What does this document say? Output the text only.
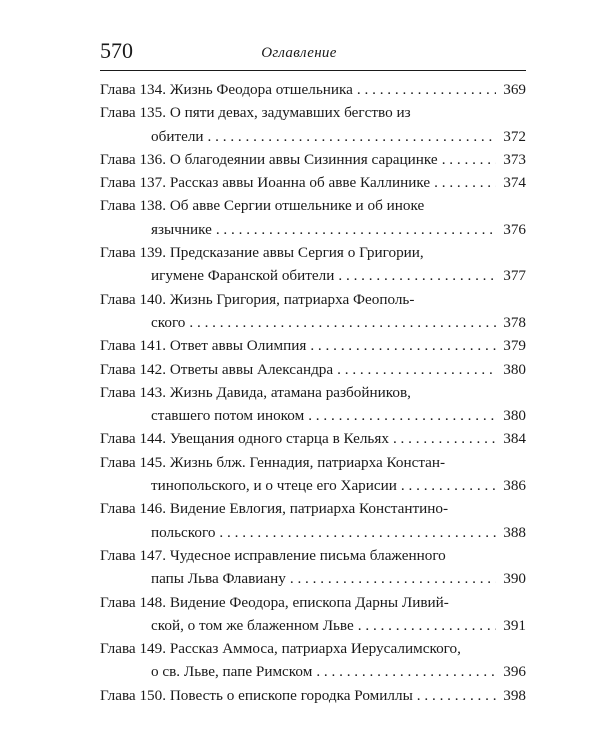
570	Оглавление
Глава 134. Жизнь Феодора отшельника . . .	369
Глава 135. О пяти девах, задумавших бегство из
обители . . .	372
Глава 136. О благодеянии аввы Сизинния сарацинке . . .	373
Глава 137. Рассказ аввы Иоанна об авве Каллинике . . .	374
Глава 138. Об авве Сергии отшельнике и об иноке
язычнике . . .	376
Глава 139. Предсказание аввы Сергия о Григории,
игумене Фаранской обители . . .	377
Глава 140. Жизнь Григория, патриарха Феополь-
ского . . .	378
Глава 141. Ответ аввы Олимпия . . .	379
Глава 142. Ответы аввы Александра . . .	380
Глава 143. Жизнь Давида, атамана разбойников,
ставшего потом иноком . . .	380
Глава 144. Увещания одного старца в Кельях . . .	384
Глава 145. Жизнь блж. Геннадия, патриарха Констан-
тинопольского, и о чтеце его Харисии . . .	386
Глава 146. Видение Евлогия, патриарха Константино-
польского . . .	388
Глава 147. Чудесное исправление письма блаженного
папы Льва Флавиану . . .	390
Глава 148. Видение Феодора, епископа Дарны Ливий-
ской, о том же блаженном Льве . . .	391
Глава 149. Рассказ Аммоса, патриарха Иерусалимского,
о св. Льве, папе Римском . . .	396
Глава 150. Повесть о епископе городка Ромиллы . . .	398
